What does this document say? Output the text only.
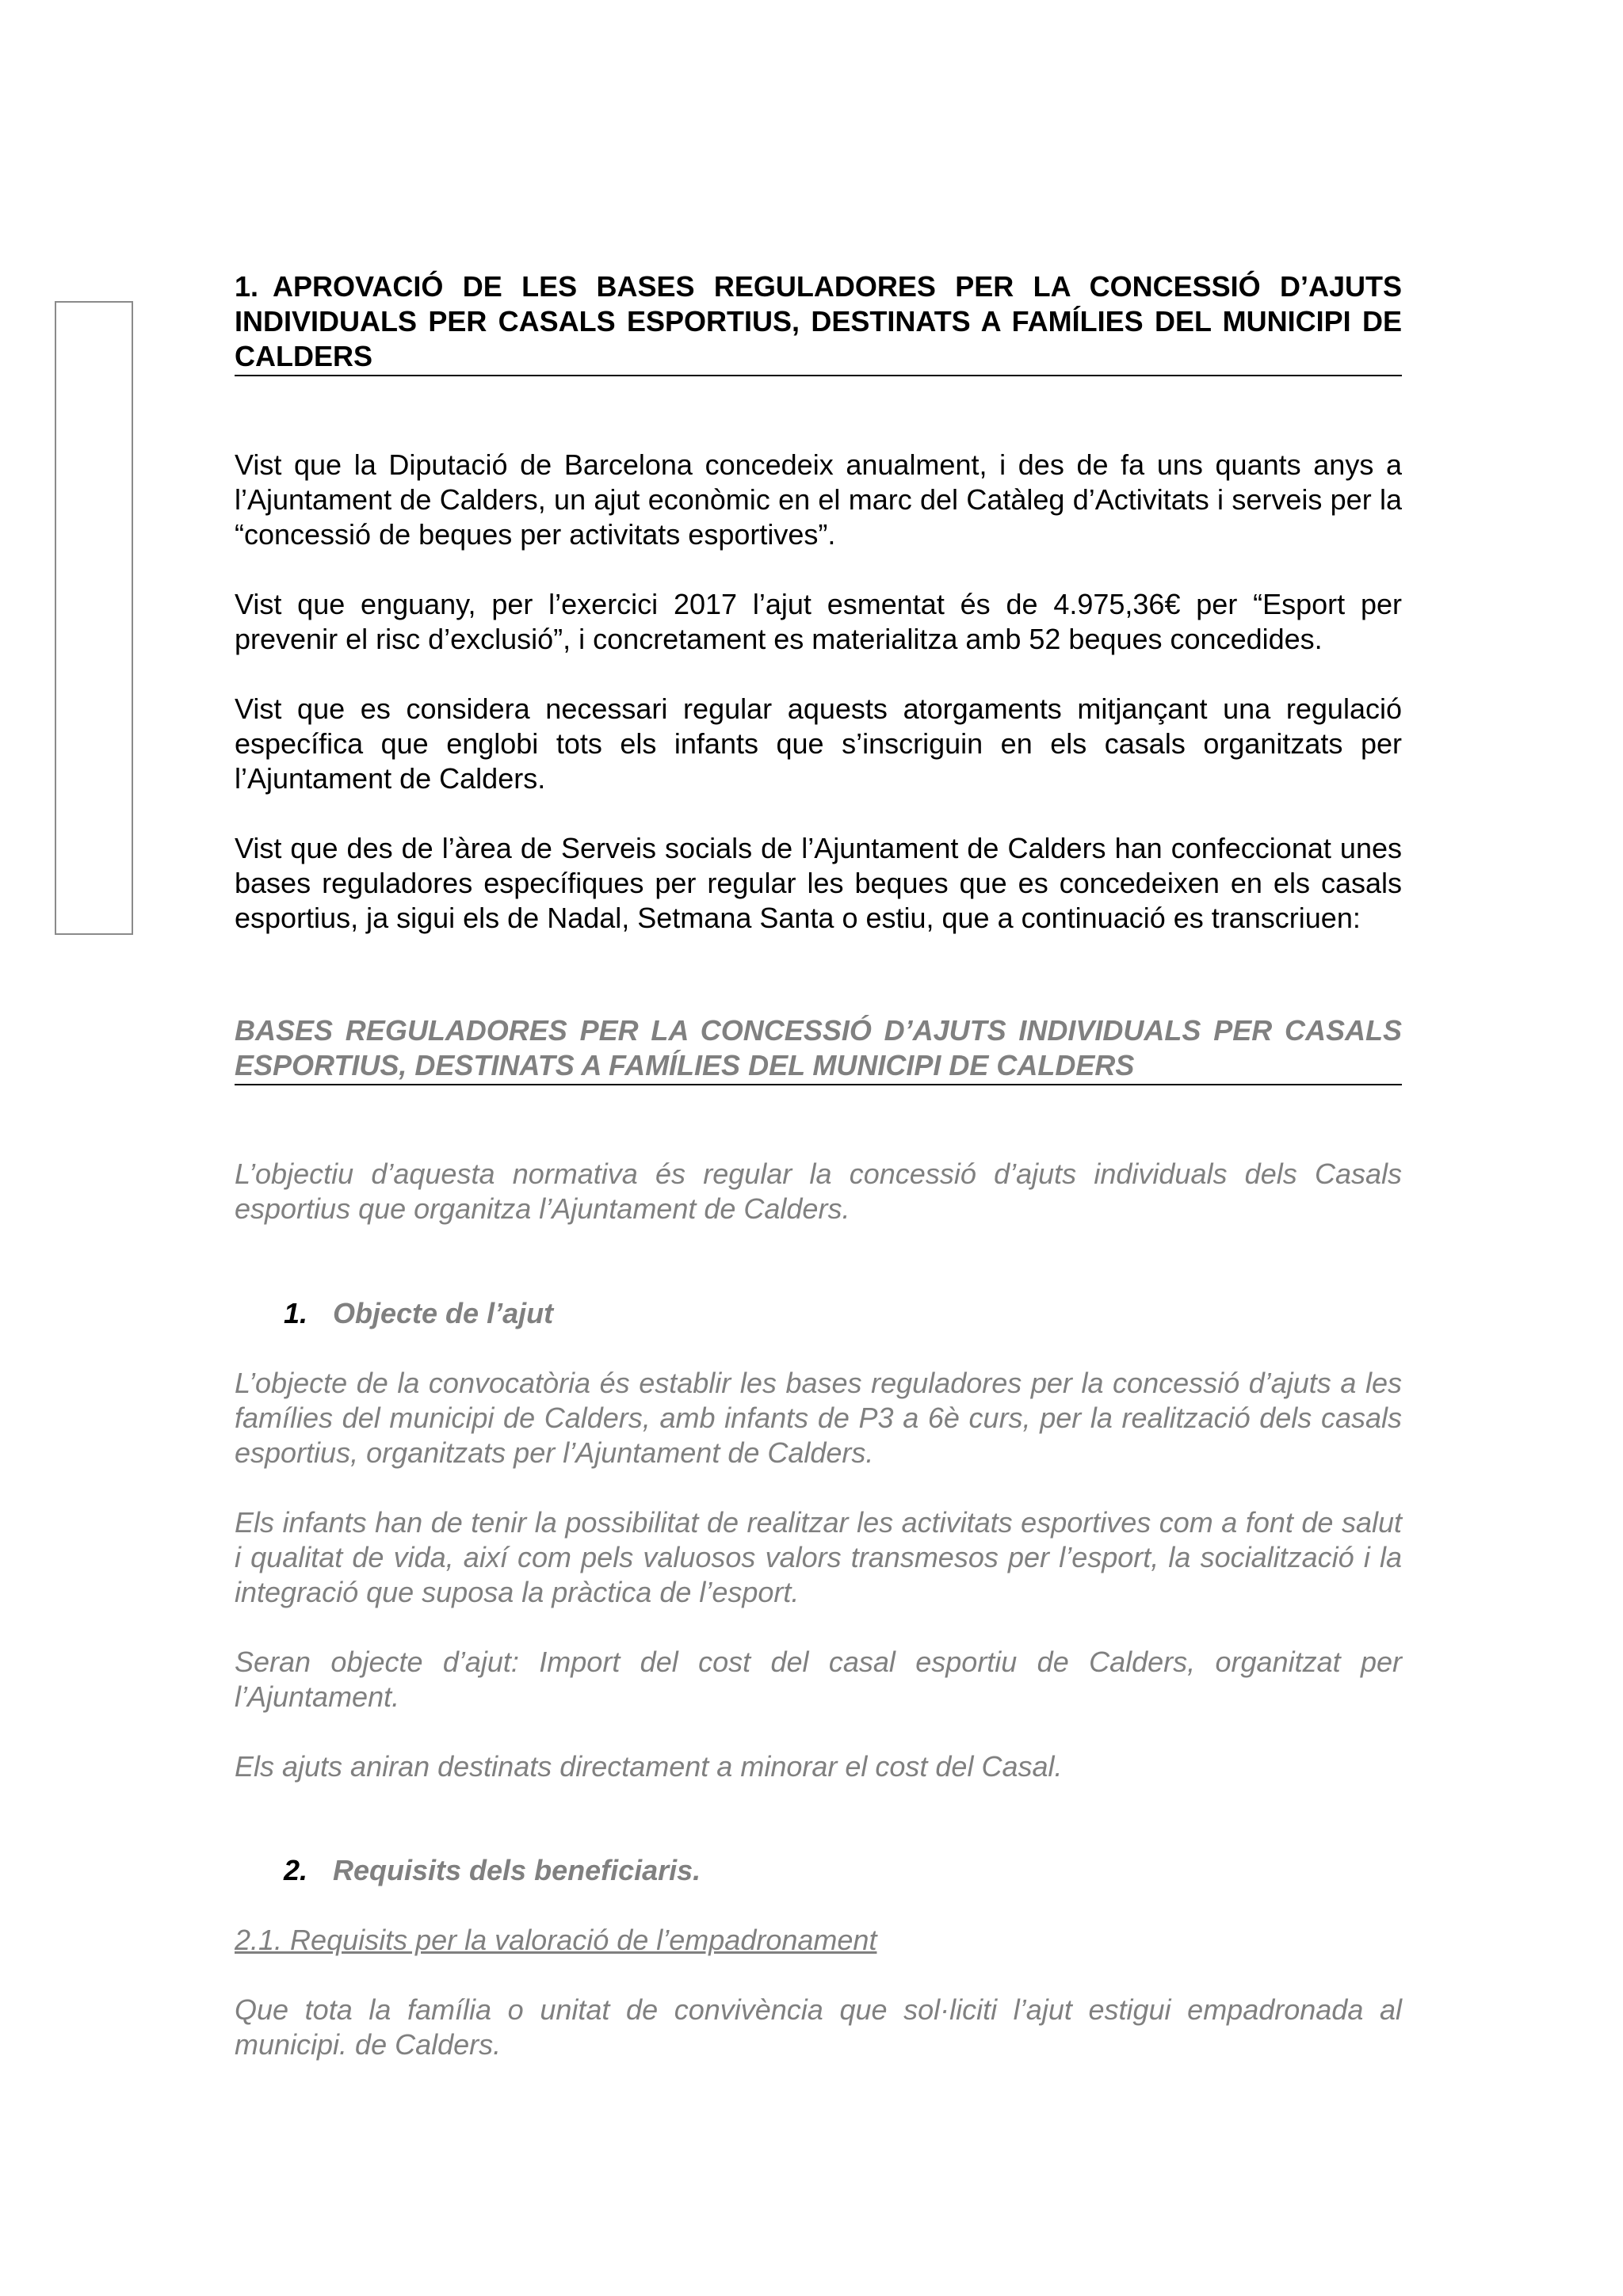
1. APROVACIÓ DE LES BASES REGULADORES PER LA CONCESSIÓ D’AJUTS INDIVIDUALS PER CASALS ESPORTIUS, DESTINATS A FAMÍLIES DEL MUNICIPI DE CALDERS

Vist que la Diputació de Barcelona concedeix anualment, i des de fa uns quants anys a l’Ajuntament de Calders, un ajut econòmic en el marc del Catàleg d’Activitats i serveis per la “concessió de beques per activitats esportives”.

Vist que enguany, per l’exercici 2017 l’ajut esmentat és de 4.975,36€ per “Esport per prevenir el risc d’exclusió”, i concretament es materialitza amb 52 beques concedides.

Vist que es considera necessari regular aquests atorgaments mitjançant una regulació específica que englobi tots els infants que s’inscriguin en els casals organitzats per l’Ajuntament de Calders.

Vist que des de l’àrea de Serveis socials de l’Ajuntament de Calders han confeccionat unes bases reguladores específiques per regular les beques que es concedeixen en els casals esportius, ja sigui els de Nadal, Setmana Santa o estiu, que a continuació es transcriuen:

BASES REGULADORES PER LA CONCESSIÓ D’AJUTS INDIVIDUALS PER CASALS ESPORTIUS, DESTINATS A FAMÍLIES DEL MUNICIPI DE CALDERS

L’objectiu d’aquesta normativa és regular la concessió d’ajuts individuals dels Casals esportius que organitza l’Ajuntament de Calders.

1. Objecte de l’ajut

L’objecte de la convocatòria és establir les bases reguladores per la concessió d’ajuts a les famílies del municipi de Calders, amb infants de P3 a 6è curs, per la realització dels casals esportius, organitzats per l’Ajuntament de Calders.

Els infants han de tenir la possibilitat de realitzar les activitats esportives com a font de salut i qualitat de vida, així com pels valuosos valors transmesos per l’esport, la socialització i la integració que suposa la pràctica de l’esport.

Seran objecte d’ajut: Import del cost del casal esportiu de Calders, organitzat per l’Ajuntament.

Els ajuts aniran destinats directament a minorar el cost del Casal.

2. Requisits dels beneficiaris.

2.1. Requisits per la valoració de l’empadronament

Que tota la família o unitat de convivència que sol·liciti l’ajut estigui empadronada al municipi. de Calders.
